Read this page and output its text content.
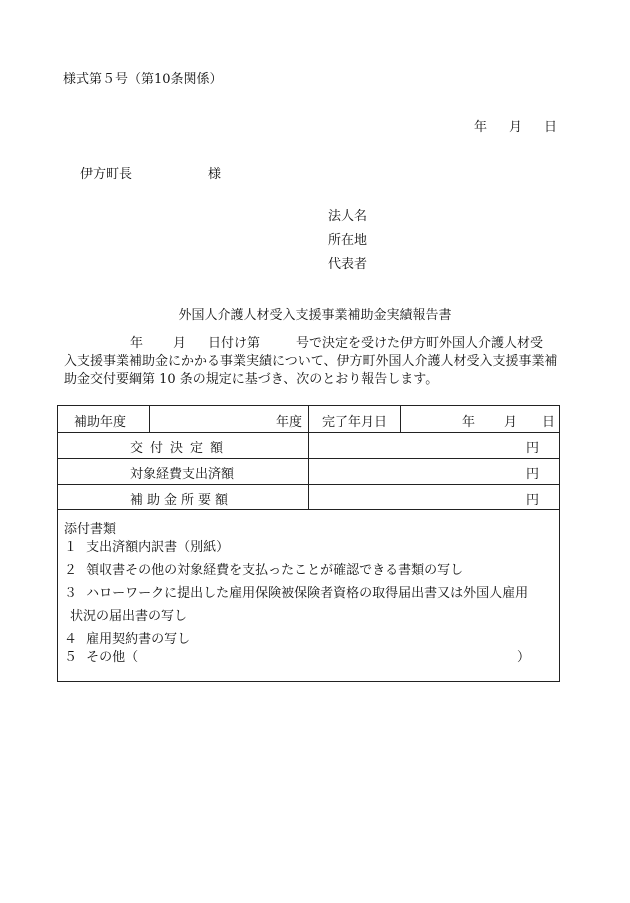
様式第５号（第10条関係）
年 月 日
伊方町長	様
法人名
所在地
代表者
外国人介護人材受入支援事業補助金実績報告書
年 月 日付け第	号で決定を受けた伊方町外国人介護人材受
入支援事業補助金にかかる事業実績について、伊方町外国人介護人材受入支援事業補
助金交付要綱第 10 条の規定に基づき、次のとおり報告します。
補助年度	年度 完了年月日	年 月 日
交付決定額	円
対象経費支出済額	円
補助金所要額	円
添付書類
１ 支出済額内訳書（別紙）
２ 領収書その他の対象経費を支払ったことが確認できる書類の写し
３ ハローワークに提出した雇用保険被保険者資格の取得届出書又は外国人雇用
状況の届出書の写し
４ 雇用契約書の写し
５ その他（	）
